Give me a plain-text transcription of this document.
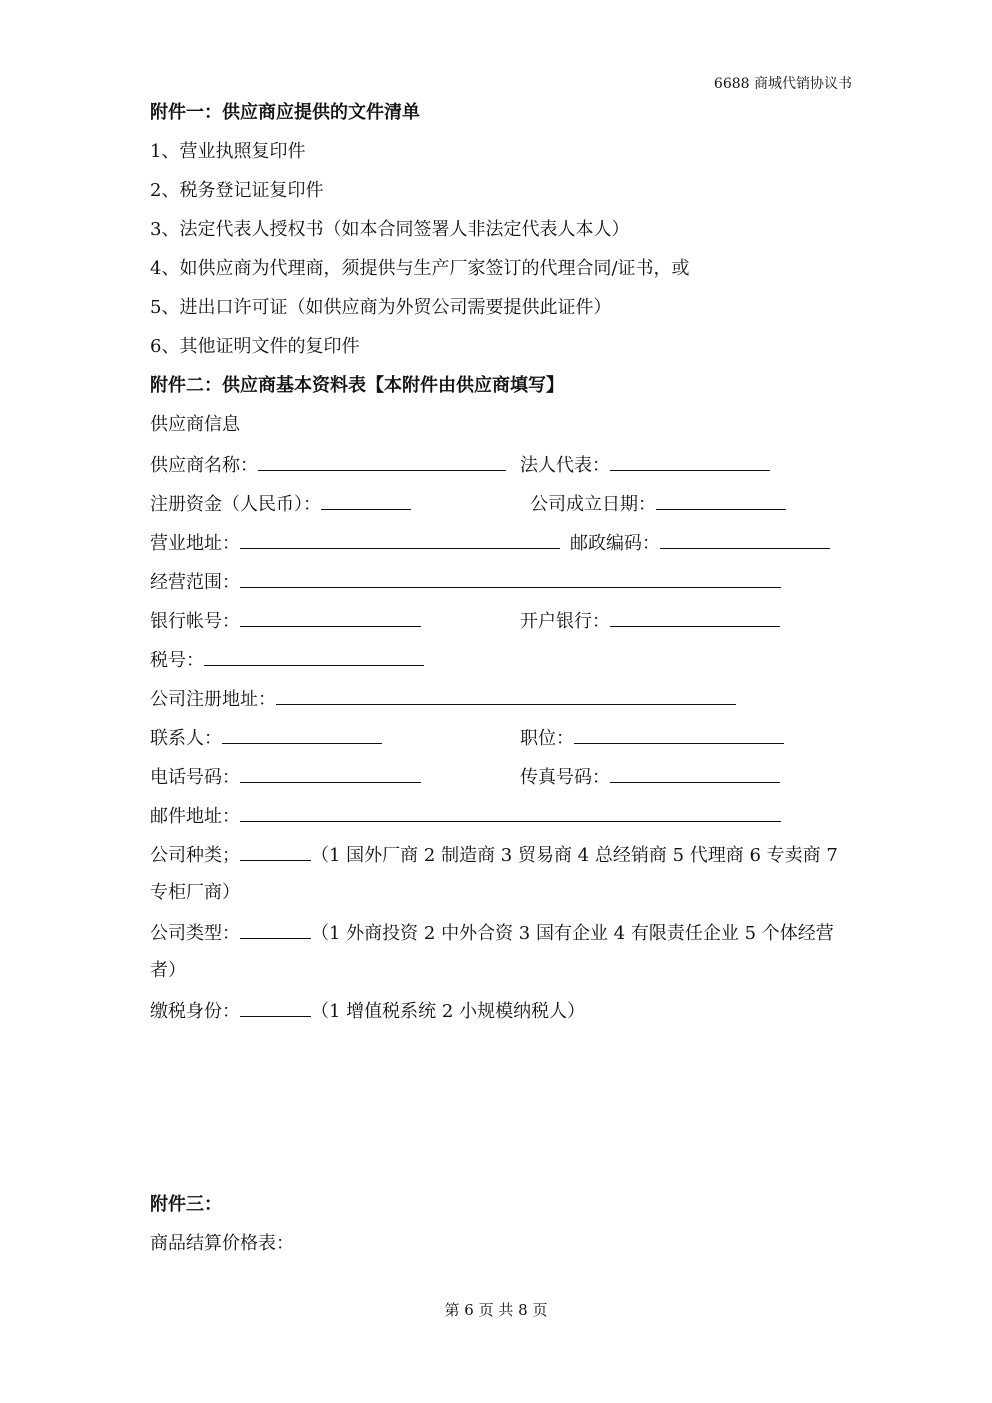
6688 商城代销协议书
附件一：供应商应提供的文件清单
1、营业执照复印件
2、税务登记证复印件
3、法定代表人授权书（如本合同签署人非法定代表人本人）
4、如供应商为代理商，须提供与生产厂家签订的代理合同/证书，或
5、进出口许可证（如供应商为外贸公司需要提供此证件）
6、其他证明文件的复印件
附件二：供应商基本资料表【本附件由供应商填写】
供应商信息
供应商名称：	法人代表：
注册资金（人民币）：	公司成立日期：
营业地址：	邮政编码：
经营范围：
银行帐号：	开户银行：
税号：
公司注册地址：
联系人：	职位：
电话号码：	传真号码：
邮件地址：
公司种类；	（1 国外厂商 2 制造商 3 贸易商 4 总经销商 5 代理商 6 专卖商 7
专柜厂商）
公司类型：	（1 外商投资 2 中外合资 3 国有企业 4 有限责任企业 5 个体经营
者）
缴税身份：	（1 增值税系统 2 小规模纳税人）
附件三：
商品结算价格表：
第 6 页 共 8 页
